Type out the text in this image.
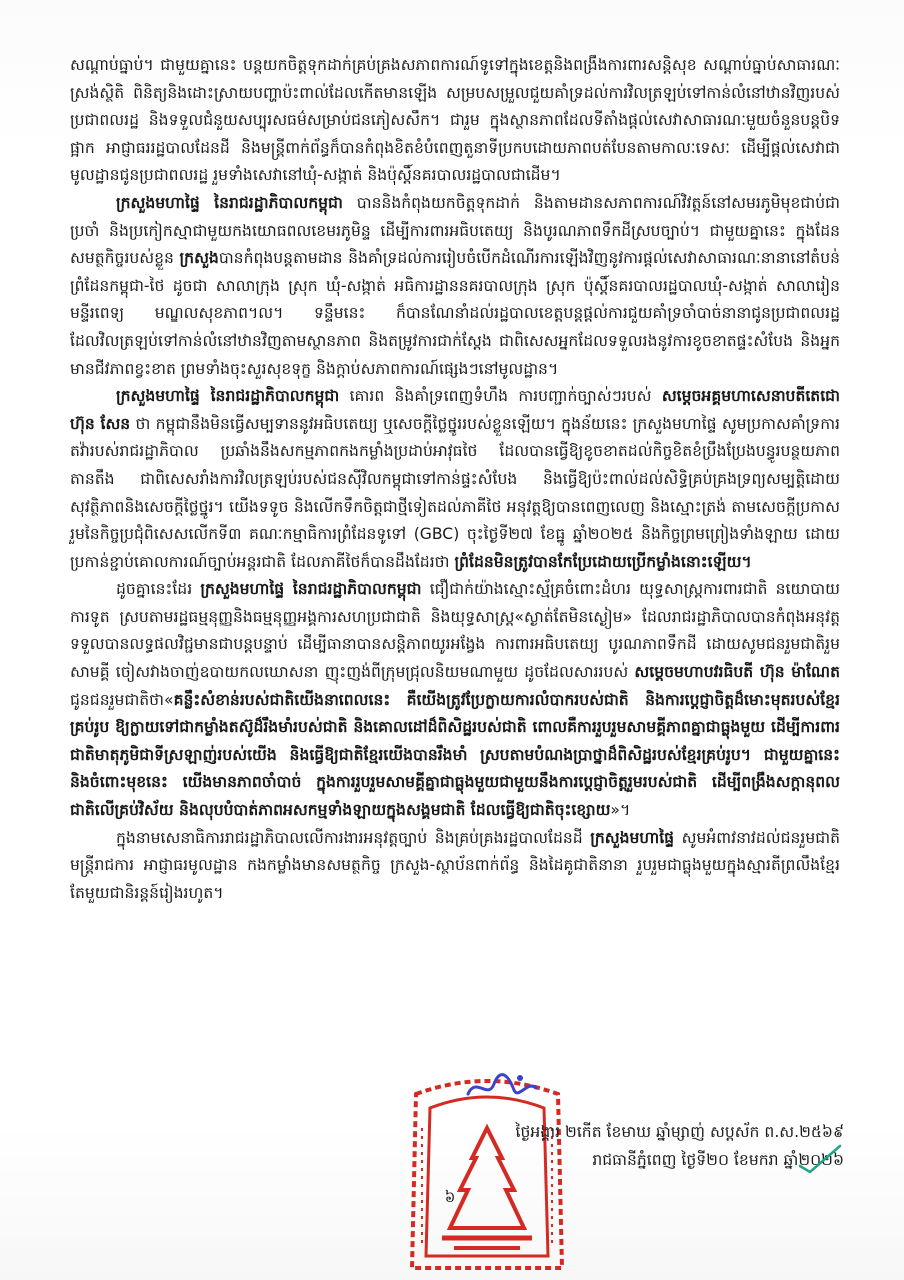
សណ្តាប់ធ្នាប់។ ជាមួយគ្នានេះ បន្តយកចិត្តទុកដាក់គ្រប់គ្រងសភាពការណ៍ទូទៅក្នុងខេត្តនិងពង្រឹងការពារសន្តិសុខ សណ្តាប់ធ្នាប់សាធារណៈ ស្រង់ស្ថិតិ ពិនិត្យនិងដោះស្រាយបញ្ហាប៉ះពាល់ដែលកើតមានឡើង សម្របសម្រួលជួយគាំទ្រដល់ការវិលត្រឡប់ទៅកាន់លំនៅឋានវិញរបស់ប្រជាពលរដ្ឋ និងទទួលជំនួយសប្បុរសធម៌សម្រាប់ជនភៀសសឹក។ ជារួម ក្នុងស្ថានភាពដែលទីតាំងផ្តល់សេវាសាធារណៈមួយចំនួនបន្តបិទផ្អាក អាជ្ញាធររដ្ឋបាលដែនដី និងមន្ត្រីពាក់ព័ន្ធក៏បានកំពុងខិតខំបំពេញតួនាទីប្រកបដោយភាពបត់បែនតាមកាលៈទេសៈ ដើម្បីផ្តល់សេវាជាមូលដ្ឋានជូនប្រជាពលរដ្ឋ រួមទាំងសេវានៅឃុំ-សង្កាត់ និងប៉ុស្តិ៍នគរបាលរដ្ឋបាលជាដើម។

ក្រសួងមហាផ្ទៃ នៃរាជរដ្ឋាភិបាលកម្ពុជា បាននិងកំពុងយកចិត្តទុកដាក់ និងតាមដានសភាពការណ៍វិវត្តន៍នៅសមរភូមិមុខជាប់ជាប្រចាំ និងប្រកៀកស្មាជាមួយកងយោធពលខេមរភូមិន្ទ ដើម្បីការពារអធិបតេយ្យ និងបូរណភាពទឹកដីស្របច្បាប់។ ជាមួយគ្នានេះ ក្នុងដែនសមត្ថកិច្ចរបស់ខ្លួន ក្រសួងបានកំពុងបន្តតាមដាន និងគាំទ្រដល់ការរៀបចំបើកដំណើរការឡើងវិញនូវការផ្តល់សេវាសាធារណៈនានានៅតំបន់ព្រំដែនកម្ពុជា-ថៃ ដូចជា សាលាក្រុង ស្រុក ឃុំ-សង្កាត់ អធិការដ្ឋាននគរបាលក្រុង ស្រុក ប៉ុស្តិ៍នគរបាលរដ្ឋបាលឃុំ-សង្កាត់ សាលារៀន មន្ទីរពេទ្យ មណ្ឌលសុខភាព។ល។ ទន្ទឹមនេះ ក៏បានណែនាំដល់រដ្ឋបាលខេត្តបន្តផ្តល់ការជួយគាំទ្រចាំបាច់នានាជូនប្រជាពលរដ្ឋដែលវិលត្រឡប់ទៅកាន់លំនៅឋានវិញតាមស្ថានភាព និងតម្រូវការជាក់ស្តែង ជាពិសេសអ្នកដែលទទួលរងនូវការខូចខាតផ្ទះសំបែង និងអ្នកមានជីវភាពខ្វះខាត ព្រមទាំងចុះសួរសុខទុក្ខ និងក្តាប់សភាពការណ៍ផ្សេងៗនៅមូលដ្ឋាន។

ក្រសួងមហាផ្ទៃ នៃរាជរដ្ឋាភិបាលកម្ពុជា គោរព និងគាំទ្រពេញទំហឹង ការបញ្ជាក់ច្បាស់ៗរបស់ សម្តេចអគ្គមហាសេនាបតីតេជោ ហ៊ុន សែន ថា កម្ពុជានឹងមិនធ្វើសម្បទាននូវអធិបតេយ្យ ឬសេចក្តីថ្លៃថ្នូររបស់ខ្លួនឡើយ។ ក្នុងន័យនេះ ក្រសួងមហាផ្ទៃ សូមប្រកាសគាំទ្រការតវ៉ារបស់រាជរដ្ឋាភិបាល ប្រឆាំងនឹងសកម្មភាពកងកម្លាំងប្រដាប់អាវុធថៃ ដែលបានធ្វើឱ្យខូចខាតដល់កិច្ចខិតខំប្រឹងប្រែងបន្ធូរបន្ថយភាពតានតឹង ជាពិសេសរាំងការវិលត្រឡប់របស់ជនស៊ីវិលកម្ពុជាទៅកាន់ផ្ទះសំបែង និងធ្វើឱ្យប៉ះពាល់ដល់សិទ្ធិគ្រប់គ្រងទ្រព្យសម្បត្តិដោយសុវត្ថិភាពនិងសេចក្តីថ្លៃថ្នូរ។ យើងទទូច និងលើកទឹកចិត្តជាថ្មីទៀតដល់ភាគីថៃ អនុវត្តឱ្យបានពេញលេញ និងស្មោះត្រង់ តាមសេចក្តីប្រកាសរួមនៃកិច្ចប្រជុំពិសេសលើកទី៣ គណៈកម្មាធិការព្រំដែនទូទៅ (GBC) ចុះថ្ងៃទី២៧ ខែធ្នូ ឆ្នាំ២០២៥ និងកិច្ចព្រមព្រៀងទាំងឡាយ ដោយប្រកាន់ខ្ជាប់គោលការណ៍ច្បាប់អន្តរជាតិ ដែលភាគីថៃក៏បានដឹងដែរថា ព្រំដែនមិនត្រូវបានកែប្រែដោយប្រើកម្លាំងនោះឡើយ។

ដូចគ្នានេះដែរ ក្រសួងមហាផ្ទៃ នៃរាជរដ្ឋាភិបាលកម្ពុជា ជឿជាក់យ៉ាងស្មោះស្ម័គ្រចំពោះដំហរ យុទ្ធសាស្ត្រការពារជាតិ នយោបាយការទូត ស្របតាមរដ្ឋធម្មនុញ្ញនិងធម្មនុញ្ញអង្គការសហប្រជាជាតិ និងយុទ្ធសាស្ត្រ«ស្ងាត់តែមិនស្ងៀម» ដែលរាជរដ្ឋាភិបាលបានកំពុងអនុវត្តទទួលបានលទ្ធផលវិជ្ជមានជាបន្តបន្ទាប់ ដើម្បីធានាបានសន្តិភាពយូរអង្វែង ការពារអធិបតេយ្យ បូរណភាពទឹកដី ដោយសូមជនរួមជាតិរួមសាមគ្គី ចៀសវាងចាញ់ឧបាយកលឃោសនា ញុះញង់ពីក្រុមជ្រុលនិយមណាមួយ ដូចដែលសាររបស់ សម្តេចមហាបវរធិបតី ហ៊ុន ម៉ាណែត ជូនជនរួមជាតិថា«គន្លឹះសំខាន់របស់ជាតិយើងនាពេលនេះ គឺយើងត្រូវប្រែក្លាយការលំបាករបស់ជាតិ និងការប្តេជ្ញាចិត្តដ៏មោះមុតរបស់ខ្មែរគ្រប់រូប ឱ្យក្លាយទៅជាកម្លាំងតស៊ូដ៏រឹងមាំរបស់ជាតិ និងគោលដៅដ៏ពិសិដ្ឋរបស់ជាតិ ពោលគឺការរួបរួមសាមគ្គីភាពគ្នាជាធ្លុងមួយ ដើម្បីការពារជាតិមាតុភូមិជាទីស្រឡាញ់របស់យើង និងធ្វើឱ្យជាតិខ្មែរយើងបានរឹងមាំ ស្របតាមបំណងប្រាថ្នាដ៏ពិសិដ្ឋរបស់ខ្មែរគ្រប់រូប។ ជាមួយគ្នានេះ និងចំពោះមុខនេះ យើងមានភាពចាំបាច់ ក្នុងការរួបរួមសាមគ្គីគ្នាជាធ្លុងមួយជាមួយនឹងការប្តេជ្ញាចិត្តរួមរបស់ជាតិ ដើម្បីពង្រឹងសក្តានុពលជាតិលើគ្រប់វិស័យ និងលុបបំបាត់ភាពអសកម្មទាំងឡាយក្នុងសង្គមជាតិ ដែលធ្វើឱ្យជាតិចុះខ្សោយ»។

ក្នុងនាមសេនាធិការរាជរដ្ឋាភិបាលលើការងារអនុវត្តច្បាប់ និងគ្រប់គ្រងរដ្ឋបាលដែនដី ក្រសួងមហាផ្ទៃ សូមអំពាវនាវដល់ជនរួមជាតិ មន្ត្រីរាជការ អាជ្ញាធរមូលដ្ឋាន កងកម្លាំងមានសមត្ថកិច្ច ក្រសួង-ស្ថាប័នពាក់ព័ន្ធ និងដៃគូជាតិនានា រួបរួមជាធ្លុងមួយក្នុងស្មារតីព្រលឹងខ្មែរតែមួយជានិរន្តន៍រៀងរហូត។

ថ្ងៃអង្គារ ២កើត ខែមាឃ ឆ្នាំម្សាញ់ សប្តស័ក ព.ស.២៥៦៩
រាជធានីភ្នំពេញ ថ្ងៃទី២០ ខែមករា ឆ្នាំ២០២៦
៦
